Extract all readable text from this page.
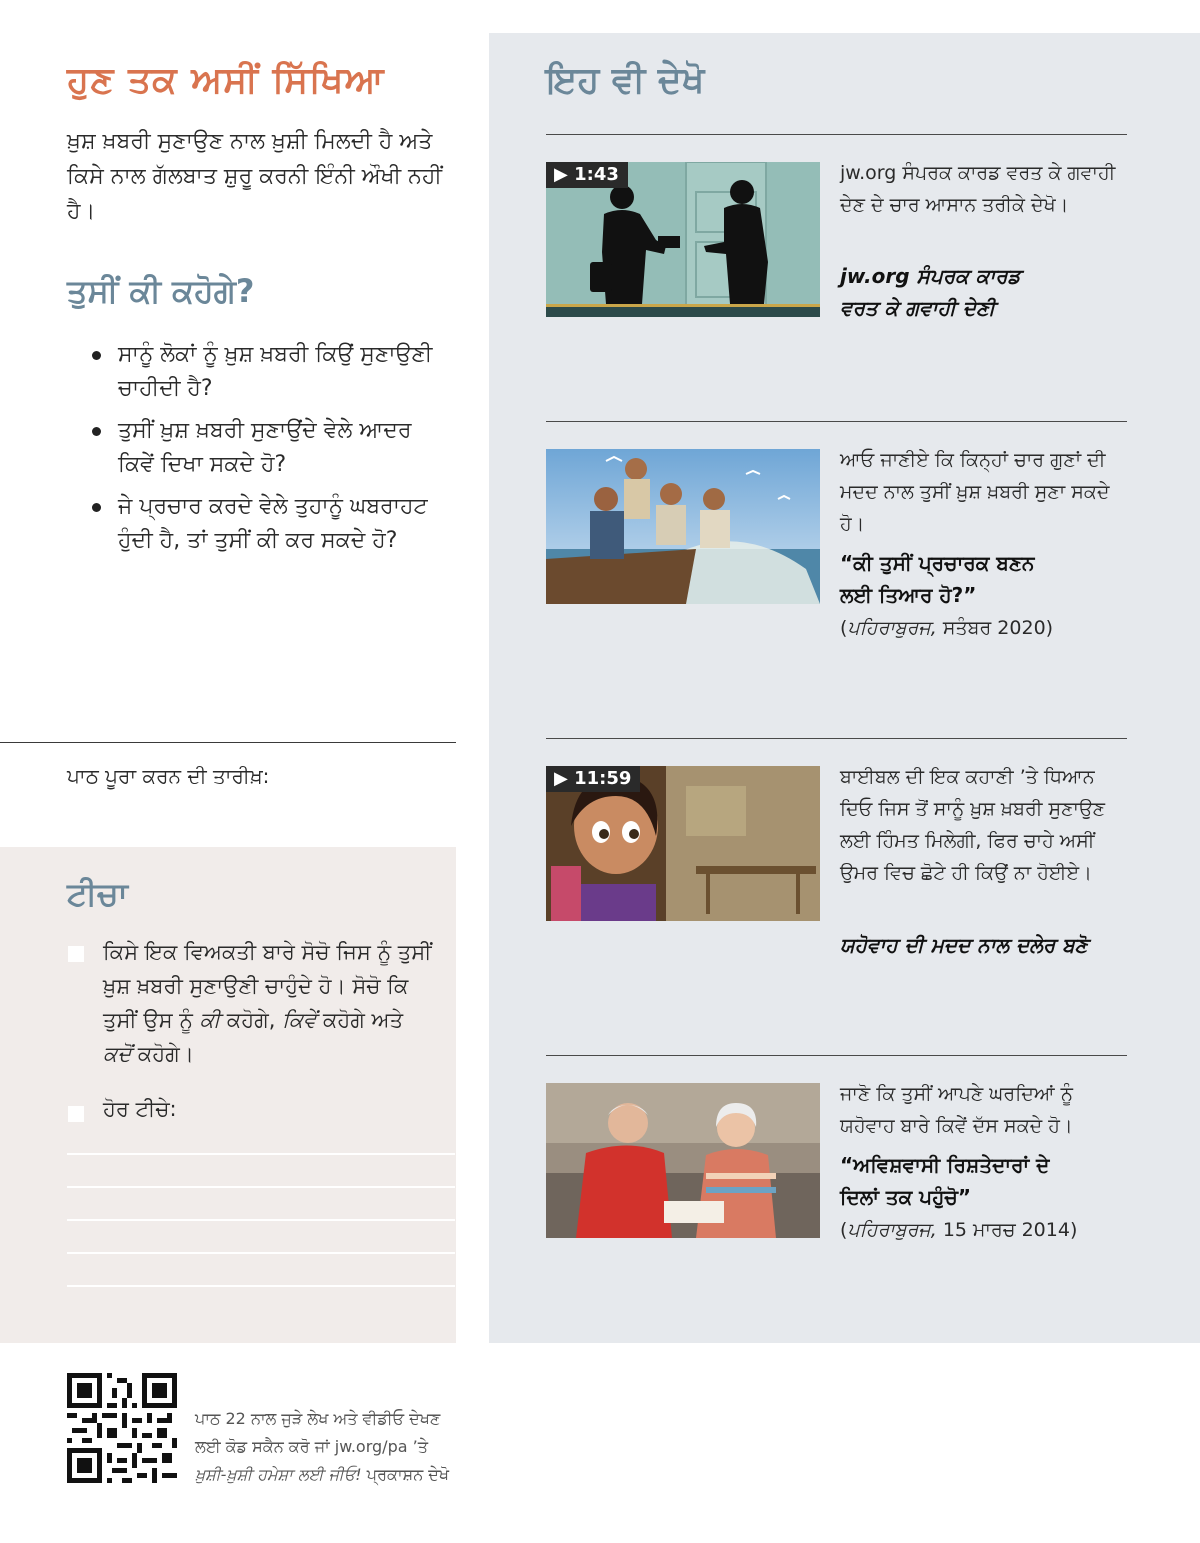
ਹੁਣ ਤਕ ਅਸੀਂ ਸਿੱਖਿਆ
ਖ਼ੁਸ਼ ਖ਼ਬਰੀ ਸੁਣਾਉਣ ਨਾਲ ਖ਼ੁਸ਼ੀ ਮਿਲਦੀ ਹੈ ਅਤੇ ਕਿਸੇ ਨਾਲ ਗੱਲਬਾਤ ਸ਼ੁਰੂ ਕਰਨੀ ਇੰਨੀ ਔਖੀ ਨਹੀਂ ਹੈ।
ਤੁਸੀਂ ਕੀ ਕਹੋਗੇ?
ਸਾਨੂੰ ਲੋਕਾਂ ਨੂੰ ਖ਼ੁਸ਼ ਖ਼ਬਰੀ ਕਿਉਂ ਸੁਣਾਉਣੀ ਚਾਹੀਦੀ ਹੈ?
ਤੁਸੀਂ ਖ਼ੁਸ਼ ਖ਼ਬਰੀ ਸੁਣਾਉਂਦੇ ਵੇਲੇ ਆਦਰ ਕਿਵੇਂ ਦਿਖਾ ਸਕਦੇ ਹੋ?
ਜੇ ਪ੍ਰਚਾਰ ਕਰਦੇ ਵੇਲੇ ਤੁਹਾਨੂੰ ਘਬਰਾਹਟ ਹੁੰਦੀ ਹੈ, ਤਾਂ ਤੁਸੀਂ ਕੀ ਕਰ ਸਕਦੇ ਹੋ?
ਪਾਠ ਪੂਰਾ ਕਰਨ ਦੀ ਤਾਰੀਖ਼:
ਟੀਚਾ
ਕਿਸੇ ਇਕ ਵਿਅਕਤੀ ਬਾਰੇ ਸੋਚੋ ਜਿਸ ਨੂੰ ਤੁਸੀਂ ਖ਼ੁਸ਼ ਖ਼ਬਰੀ ਸੁਣਾਉਣੀ ਚਾਹੁੰਦੇ ਹੋ। ਸੋਚੋ ਕਿ ਤੁਸੀਂ ਉਸ ਨੂੰ ਕੀ ਕਹੋਗੇ, ਕਿਵੇਂ ਕਹੋਗੇ ਅਤੇ ਕਦੋਂ ਕਹੋਗੇ।
ਹੋਰ ਟੀਚੇ:
ਇਹ ਵੀ ਦੇਖੋ
▶ 1:43	jw.org ਸੰਪਰਕ ਕਾਰਡ ਵਰਤ ਕੇ ਗਵਾਹੀ ਦੇਣ ਦੇ ਚਾਰ ਆਸਾਨ ਤਰੀਕੇ ਦੇਖੋ।
jw.org ਸੰਪਰਕ ਕਾਰਡ ਵਰਤ ਕੇ ਗਵਾਹੀ ਦੇਣੀ
ਆਓ ਜਾਣੀਏ ਕਿ ਕਿਨ੍ਹਾਂ ਚਾਰ ਗੁਣਾਂ ਦੀ ਮਦਦ ਨਾਲ ਤੁਸੀਂ ਖ਼ੁਸ਼ ਖ਼ਬਰੀ ਸੁਣਾ ਸਕਦੇ ਹੋ।
“ਕੀ ਤੁਸੀਂ ਪ੍ਰਚਾਰਕ ਬਣਨ ਲਈ ਤਿਆਰ ਹੋ?”
(ਪਹਿਰਾਬੁਰਜ, ਸਤੰਬਰ 2020)
▶ 11:59	ਬਾਈਬਲ ਦੀ ਇਕ ਕਹਾਣੀ ’ਤੇ ਧਿਆਨ ਦਿਓ ਜਿਸ ਤੋਂ ਸਾਨੂੰ ਖ਼ੁਸ਼ ਖ਼ਬਰੀ ਸੁਣਾਉਣ ਲਈ ਹਿੰਮਤ ਮਿਲੇਗੀ, ਫਿਰ ਚਾਹੇ ਅਸੀਂ ਉਮਰ ਵਿਚ ਛੋਟੇ ਹੀ ਕਿਉਂ ਨਾ ਹੋਈਏ।
ਯਹੋਵਾਹ ਦੀ ਮਦਦ ਨਾਲ ਦਲੇਰ ਬਣੋ
ਜਾਣੋ ਕਿ ਤੁਸੀਂ ਆਪਣੇ ਘਰਦਿਆਂ ਨੂੰ ਯਹੋਵਾਹ ਬਾਰੇ ਕਿਵੇਂ ਦੱਸ ਸਕਦੇ ਹੋ।
“ਅਵਿਸ਼ਵਾਸੀ ਰਿਸ਼ਤੇਦਾਰਾਂ ਦੇ ਦਿਲਾਂ ਤਕ ਪਹੁੰਚੋ”
(ਪਹਿਰਾਬੁਰਜ, 15 ਮਾਰਚ 2014)
ਪਾਠ 22 ਨਾਲ ਜੁੜੇ ਲੇਖ ਅਤੇ ਵੀਡੀਓ ਦੇਖਣ
ਲਈ ਕੋਡ ਸਕੈਨ ਕਰੋ ਜਾਂ jw.org/pa ’ਤੇ
ਖ਼ੁਸ਼ੀ-ਖ਼ੁਸ਼ੀ ਹਮੇਸ਼ਾ ਲਈ ਜੀਓ! ਪ੍ਰਕਾਸ਼ਨ ਦੇਖੋ
